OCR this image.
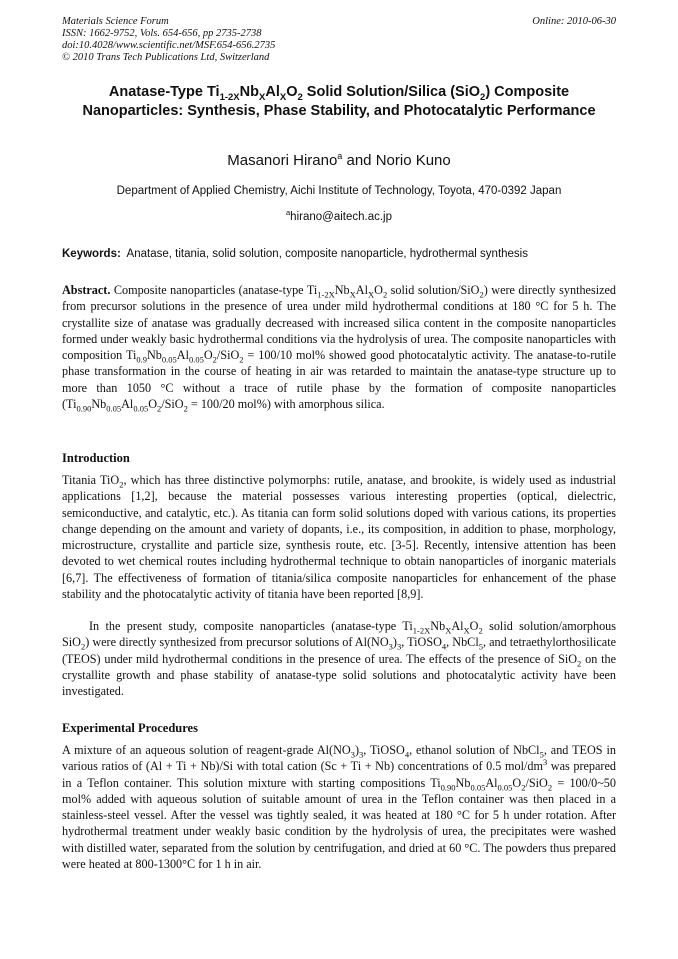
Materials Science Forum
ISSN: 1662-9752, Vols. 654-656, pp 2735-2738
doi:10.4028/www.scientific.net/MSF.654-656.2735
© 2010 Trans Tech Publications Ltd, Switzerland
Online: 2010-06-30
Anatase-Type $Ti_{1-2X}Nb_XAl_XO_2$ Solid Solution/Silica (SiO$_2$) Composite Nanoparticles: Synthesis, Phase Stability, and Photocatalytic Performance
Masanori Hirano$^a$ and Norio Kuno
Department of Applied Chemistry, Aichi Institute of Technology, Toyota, 470-0392 Japan
$^a$hirano@aitech.ac.jp
Keywords:  Anatase, titania, solid solution, composite nanoparticle, hydrothermal synthesis
Abstract. Composite nanoparticles (anatase-type $Ti_{1-2X}Nb_XAl_XO_2$ solid solution/SiO$_2$) were directly synthesized from precursor solutions in the presence of urea under mild hydrothermal conditions at 180 °C for 5 h. The crystallite size of anatase was gradually decreased with increased silica content in the composite nanoparticles formed under weakly basic hydrothermal conditions via the hydrolysis of urea. The composite nanoparticles with composition $Ti_{0.9}Nb_{0.05}Al_{0.05}O_2/SiO_2 = 100/10$ mol% showed good photocatalytic activity. The anatase-to-rutile phase transformation in the course of heating in air was retarded to maintain the anatase-type structure up to more than 1050 °C without a trace of rutile phase by the formation of composite nanoparticles ($Ti_{0.90}Nb_{0.05}Al_{0.05}O_2/SiO_2 = 100/20$ mol%) with amorphous silica.
Introduction
Titania TiO$_2$, which has three distinctive polymorphs: rutile, anatase, and brookite, is widely used as industrial applications [1,2], because the material possesses various interesting properties (optical, dielectric, semiconductive, and catalytic, etc.). As titania can form solid solutions doped with various cations, its properties change depending on the amount and variety of dopants, i.e., its composition, in addition to phase, morphology, microstructure, crystallite and particle size, synthesis route, etc. [3-5]. Recently, intensive attention has been devoted to wet chemical routes including hydrothermal technique to obtain nanoparticles of inorganic materials [6,7]. The effectiveness of formation of titania/silica composite nanoparticles for enhancement of the phase stability and the photocatalytic activity of titania have been reported [8,9].
In the present study, composite nanoparticles (anatase-type $Ti_{1-2X}Nb_XAl_XO_2$ solid solution/amorphous SiO$_2$) were directly synthesized from precursor solutions of $Al(NO_3)_3$, TiOSO$_4$, NbCl$_5$, and tetraethylorthosilicate (TEOS) under mild hydrothermal conditions in the presence of urea. The effects of the presence of SiO$_2$ on the crystallite growth and phase stability of anatase-type solid solutions and photocatalytic activity have been investigated.
Experimental Procedures
A mixture of an aqueous solution of reagent-grade $Al(NO_3)_3$, TiOSO$_4$, ethanol solution of NbCl$_5$, and TEOS in various ratios of (Al + Ti + Nb)/Si with total cation (Sc + Ti + Nb) concentrations of 0.5 mol/$dm^3$ was prepared in a Teflon container. This solution mixture with starting compositions $Ti_{0.90}Nb_{0.05}Al_{0.05}O_2/SiO_2$ = 100/0~50 mol% added with aqueous solution of suitable amount of urea in the Teflon container was then placed in a stainless-steel vessel. After the vessel was tightly sealed, it was heated at 180 °C for 5 h under rotation. After hydrothermal treatment under weakly basic condition by the hydrolysis of urea, the precipitates were washed with distilled water, separated from the solution by centrifugation, and dried at 60 °C. The powders thus prepared were heated at 800-1300°C for 1 h in air.
